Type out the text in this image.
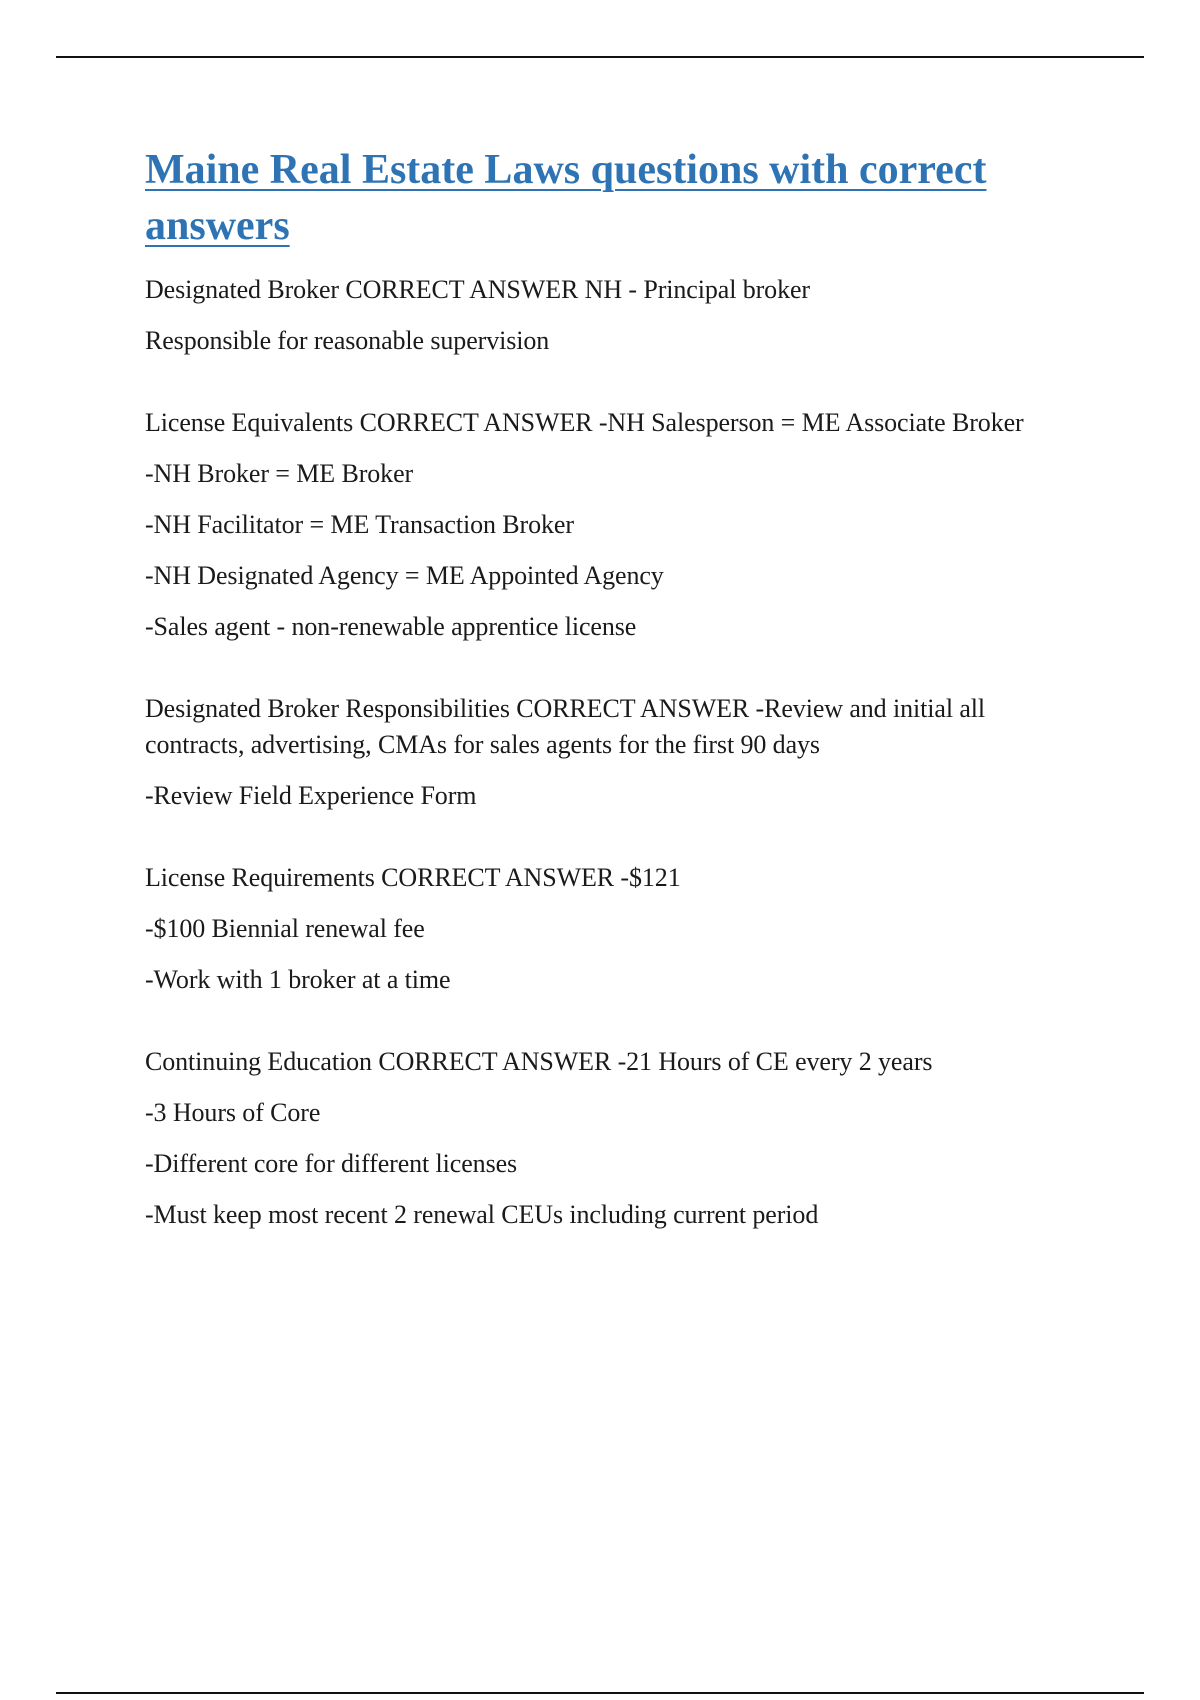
Maine Real Estate Laws questions with correct answers

Designated Broker CORRECT ANSWER NH - Principal broker

Responsible for reasonable supervision

License Equivalents CORRECT ANSWER -NH Salesperson = ME Associate Broker

-NH Broker = ME Broker

-NH Facilitator = ME Transaction Broker

-NH Designated Agency = ME Appointed Agency

-Sales agent - non-renewable apprentice license

Designated Broker Responsibilities CORRECT ANSWER -Review and initial all contracts, advertising, CMAs for sales agents for the first 90 days

-Review Field Experience Form

License Requirements CORRECT ANSWER -$121

-$100 Biennial renewal fee

-Work with 1 broker at a time

Continuing Education CORRECT ANSWER -21 Hours of CE every 2 years

-3 Hours of Core

-Different core for different licenses

-Must keep most recent 2 renewal CEUs including current period
